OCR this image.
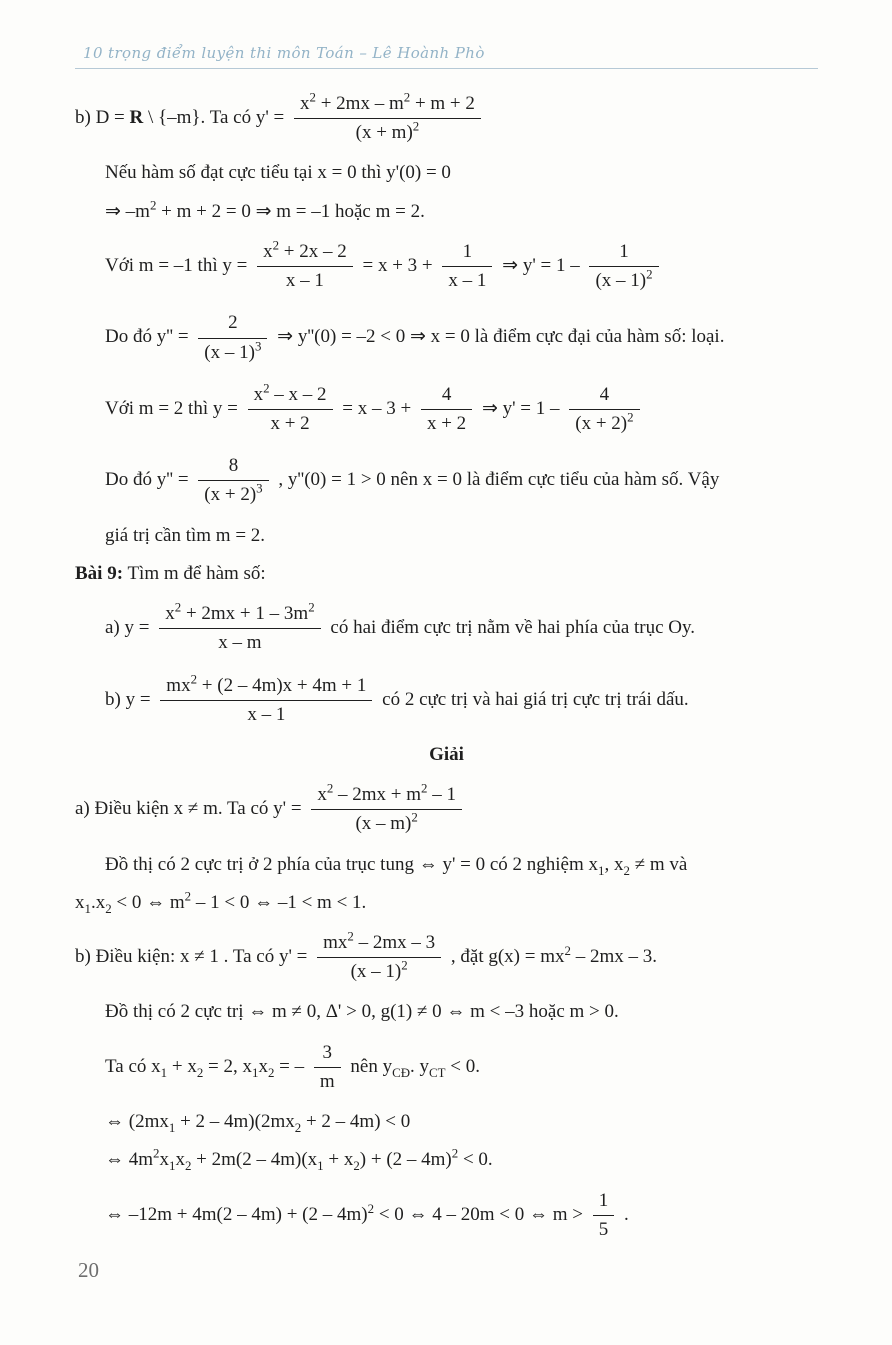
10 trọng điểm luyện thi môn Toán – Lê Hoành Phò
b) D = R \ {–m}. Ta có $y' = \frac{x^2 + 2mx - m^2 + m + 2}{(x + m)^2}$
Nếu hàm số đạt cực tiểu tại x = 0 thì y'(0) = 0
⇒ $-m^2 + m + 2 = 0$ ⇒ m = –1 hoặc m = 2.
Với m = –1 thì $y = \frac{x^2 + 2x - 2}{x - 1} = x + 3 + \frac{1}{x - 1}$ ⇒ $y' = 1 - \frac{1}{(x - 1)^2}$
Do đó $y'' = \frac{2}{(x - 1)^3}$ ⇒ y''(0) = –2 < 0 ⇒ x = 0 là điểm cực đại của hàm số: loại.
Với m = 2 thì $y = \frac{x^2 - x - 2}{x + 2} = x - 3 + \frac{4}{x + 2}$ ⇒ $y' = 1 - \frac{4}{(x + 2)^2}$
Do đó $y'' = \frac{8}{(x + 2)^3}$ , y''(0) = 1 > 0 nên x = 0 là điểm cực tiểu của hàm số. Vậy
giá trị cần tìm m = 2.
Bài 9: Tìm m để hàm số:
a) $y = \frac{x^2 + 2mx + 1 - 3m^2}{x - m}$ có hai điểm cực trị nằm về hai phía của trục Oy.
b) $y = \frac{mx^2 + (2 - 4m)x + 4m + 1}{x - 1}$ có 2 cực trị và hai giá trị cực trị trái dấu.
Giải
a) Điều kiện x ≠ m. Ta có $y' = \frac{x^2 - 2mx + m^2 - 1}{(x - m)^2}$
Đồ thị có 2 cực trị ở 2 phía của trục tung ⇔ y' = 0 có 2 nghiệm $x_1$, $x_2 \ne m$ và
$x_1.x_2 < 0$ ⇔ $m^2 - 1 < 0$ ⇔ –1 < m < 1.
b) Điều kiện: x ≠ 1 . Ta có $y' = \frac{mx^2 - 2mx - 3}{(x - 1)^2}$ , đặt $g(x) = mx^2 - 2mx - 3$.
Đồ thị có 2 cực trị ⇔ m ≠ 0, Δ' > 0, g(1) ≠ 0 ⇔ m < –3 hoặc m > 0.
Ta có $x_1 + x_2 = 2$, $x_1x_2$ = – $\frac{3}{m}$ nên $y_{CĐ}$. $y_{CT} < 0$.
⇔ $(2mx_1 + 2 - 4m)(2mx_2 + 2 - 4m) < 0$
⇔ $4m^2x_1x_2 + 2m(2 - 4m)(x_1 + x_2) + (2 - 4m)^2 < 0$.
⇔ –12m + 4m(2 – 4m) + (2 – 4m)$^2$ < 0 ⇔ 4 – 20m < 0 ⇔ $m > \frac{1}{5}$ .
20
